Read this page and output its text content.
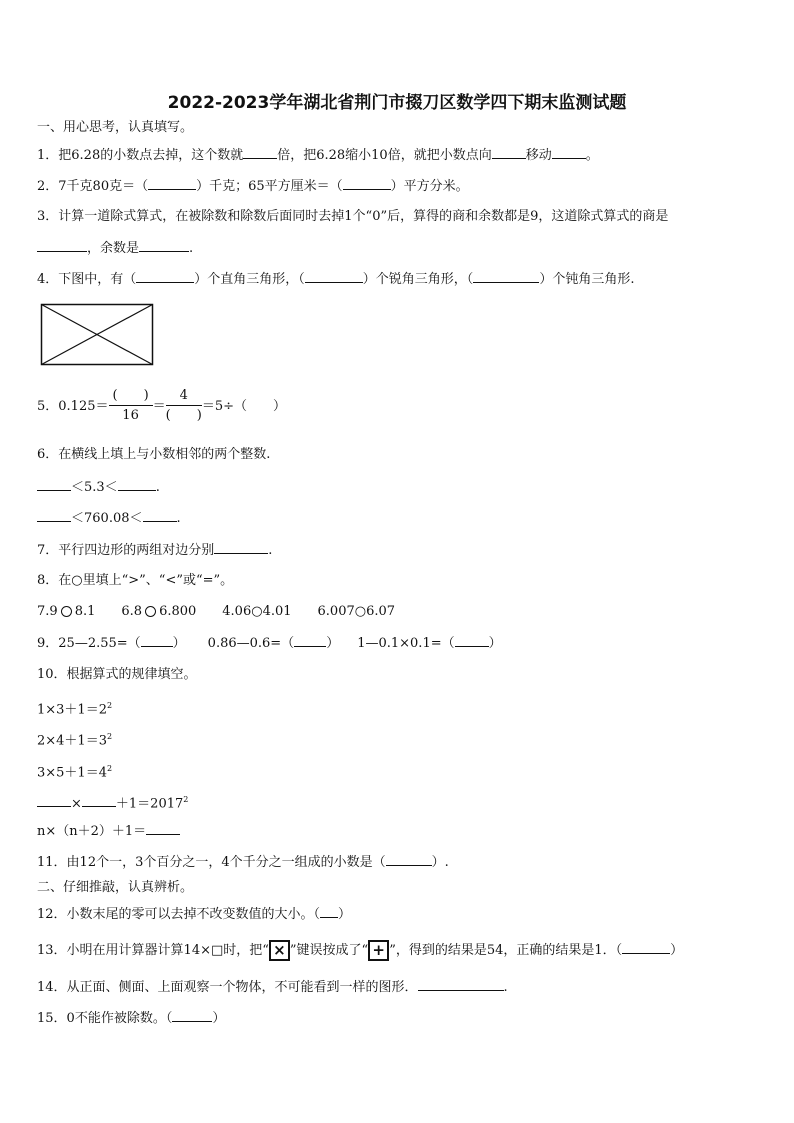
2022-2023学年湖北省荆门市掇刀区数学四下期末监测试题
一、用心思考，认真填写。
1．把6.28的小数点去掉，这个数就	倍，把6.28缩小10倍，就把小数点向	移动	。
2．7千克80克＝（	）千克；65平方厘米＝（	）平方分米。
3．计算一道除式算式，在被除数和除数后面同时去掉1个“0”后，算得的商和余数都是9，这道除式算式的商是
，余数是	.
4．下图中，有（	）个直角三角形，（	）个锐角三角形，（	）个钝角三角形.
5．$0.125= \frac{( )}{16} = \frac{4}{( )} =5\div$（　　）
6．在横线上填上与小数相邻的两个整数.
＜5.3＜	.
＜760.08＜	.
7．平行四边形的两组对边分别	.
8．在○里填上“>”、“<”或“=”。
7.9 8.1 6.8 6.800 4.06○4.01 6.007○6.07
9．25—2.55=（ ） 0.86—0.6=（ ） 1—0.1×0.1=（	）
10．根据算式的规律填空。
$1\times 3+1=2^2$
$2\times 4+1=3^2$
$3\times 5+1=4^2$
×	$+1=2017^2$
n×（n＋2）＋1＝
11．由12个一，3个百分之一，4个千分之一组成的小数是（	）.
二、仔细推敲，认真辨析。
12．小数末尾的零可以去掉不改变数值的大小。（ ）
13．小明在用计算器计算14×□时，把“ × ”键误按成了“ + ”，得到的结果是54，正确的结果是1．（	）
14．从正面、侧面、上面观察一个物体，不可能看到一样的图形．	.
15．0不能作被除数。（	）
